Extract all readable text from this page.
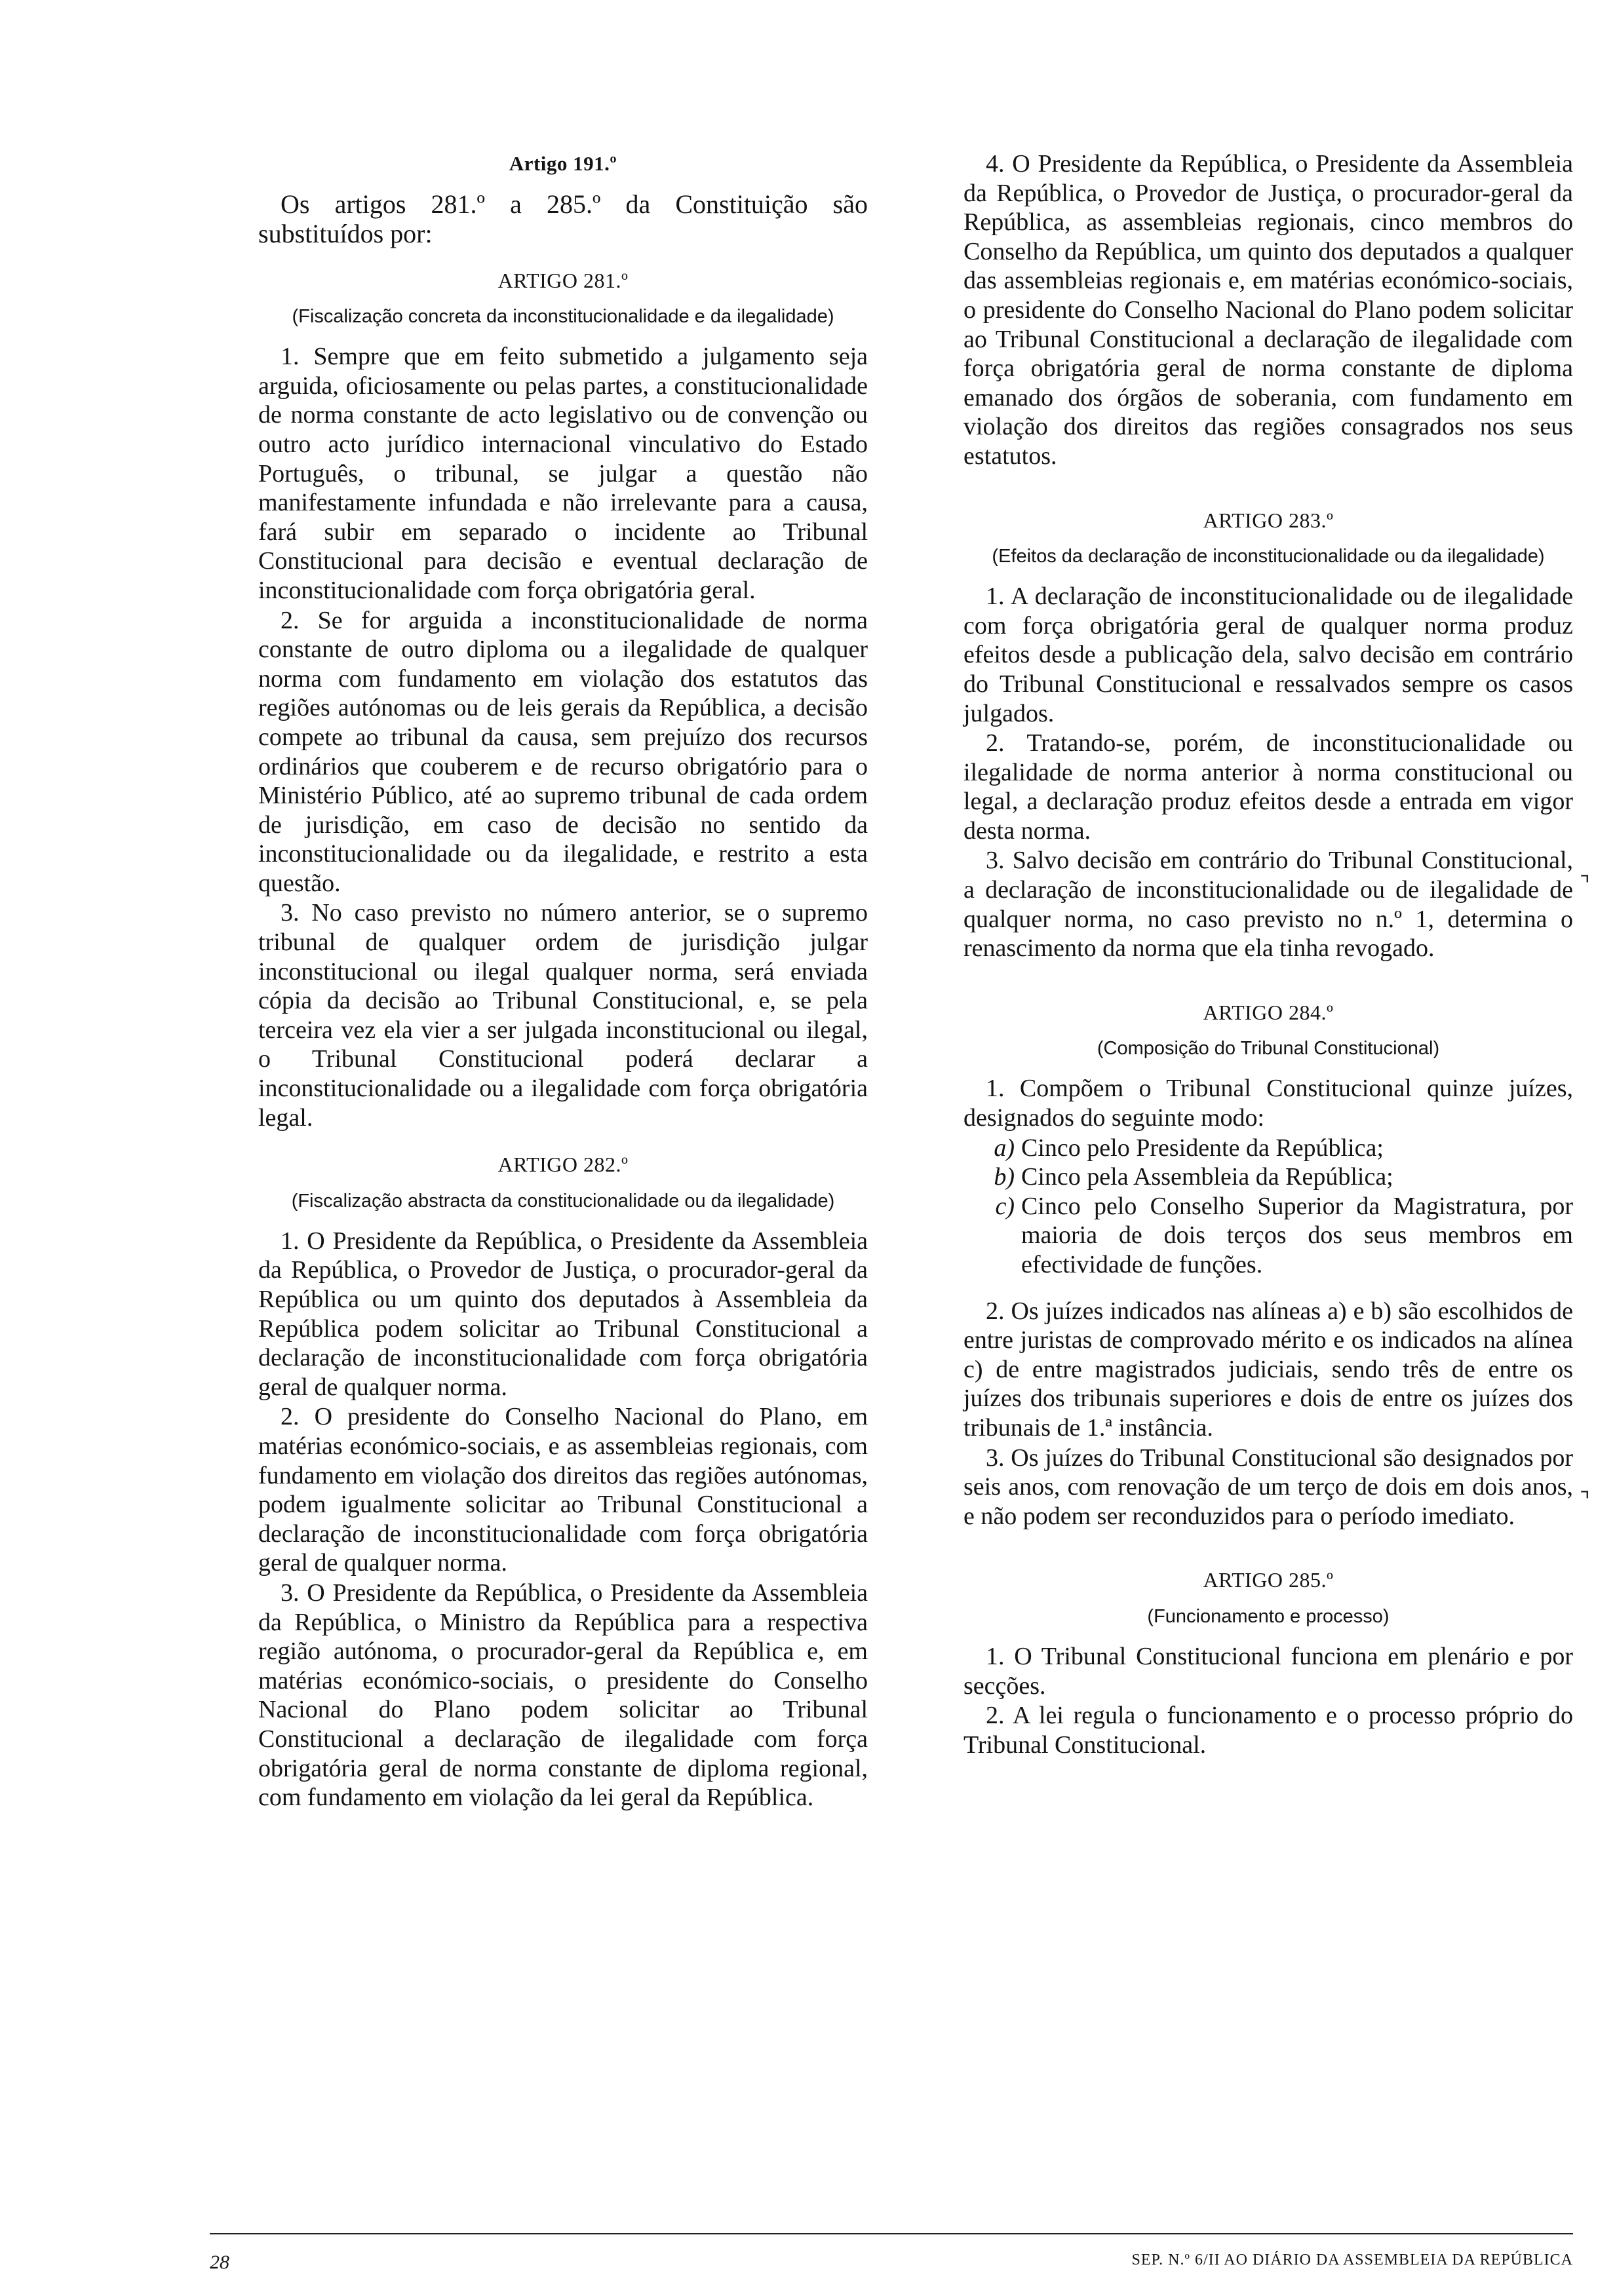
Artigo 191.º

Os artigos 281.º a 285.º da Constituição são substituídos por:

ARTIGO 281.º
(Fiscalização concreta da inconstitucionalidade e da ilegalidade)

1. Sempre que em feito submetido a julgamento seja arguida, oficiosamente ou pelas partes, a constitucionalidade de norma constante de acto legislativo ou de convenção ou outro acto jurídico internacional vinculativo do Estado Português, o tribunal, se julgar a questão não manifestamente infundada e não irrelevante para a causa, fará subir em separado o incidente ao Tribunal Constitucional para decisão e eventual declaração de inconstitucionalidade com força obrigatória geral.

2. Se for arguida a inconstitucionalidade de norma constante de outro diploma ou a ilegalidade de qualquer norma com fundamento em violação dos estatutos das regiões autónomas ou de leis gerais da República, a decisão compete ao tribunal da causa, sem prejuízo dos recursos ordinários que couberem e de recurso obrigatório para o Ministério Público, até ao supremo tribunal de cada ordem de jurisdição, em caso de decisão no sentido da inconstitucionalidade ou da ilegalidade, e restrito a esta questão.

3. No caso previsto no número anterior, se o supremo tribunal de qualquer ordem de jurisdição julgar inconstitucional ou ilegal qualquer norma, será enviada cópia da decisão ao Tribunal Constitucional, e, se pela terceira vez ela vier a ser julgada inconstitucional ou ilegal, o Tribunal Constitucional poderá declarar a inconstitucionalidade ou a ilegalidade com força obrigatória legal.

ARTIGO 282.º
(Fiscalização abstracta da constitucionalidade ou da ilegalidade)

1. O Presidente da República, o Presidente da Assembleia da República, o Provedor de Justiça, o procurador-geral da República ou um quinto dos deputados à Assembleia da República podem solicitar ao Tribunal Constitucional a declaração de inconstitucionalidade com força obrigatória geral de qualquer norma.

2. O presidente do Conselho Nacional do Plano, em matérias económico-sociais, e as assembleias regionais, com fundamento em violação dos direitos das regiões autónomas, podem igualmente solicitar ao Tribunal Constitucional a declaração de inconstitucionalidade com força obrigatória geral de qualquer norma.

3. O Presidente da República, o Presidente da Assembleia da República, o Ministro da República para a respectiva região autónoma, o procurador-geral da República e, em matérias económico-sociais, o presidente do Conselho Nacional do Plano podem solicitar ao Tribunal Constitucional a declaração de ilegalidade com força obrigatória geral de norma constante de diploma regional, com fundamento em violação da lei geral da República.

4. O Presidente da República, o Presidente da Assembleia da República, o Provedor de Justiça, o procurador-geral da República, as assembleias regionais, cinco membros do Conselho da República, um quinto dos deputados a qualquer das assembleias regionais e, em matérias económico-sociais, o presidente do Conselho Nacional do Plano podem solicitar ao Tribunal Constitucional a declaração de ilegalidade com força obrigatória geral de norma constante de diploma emanado dos órgãos de soberania, com fundamento em violação dos direitos das regiões consagrados nos seus estatutos.

ARTIGO 283.º
(Efeitos da declaração de inconstitucionalidade ou da ilegalidade)

1. A declaração de inconstitucionalidade ou de ilegalidade com força obrigatória geral de qualquer norma produz efeitos desde a publicação dela, salvo decisão em contrário do Tribunal Constitucional e ressalvados sempre os casos julgados.

2. Tratando-se, porém, de inconstitucionalidade ou ilegalidade de norma anterior à norma constitucional ou legal, a declaração produz efeitos desde a entrada em vigor desta norma.

3. Salvo decisão em contrário do Tribunal Constitucional, a declaração de inconstitucionalidade ou de ilegalidade de qualquer norma, no caso previsto no n.º 1, determina o renascimento da norma que ela tinha revogado.

ARTIGO 284.º
(Composição do Tribunal Constitucional)

1. Compõem o Tribunal Constitucional quinze juízes, designados do seguinte modo:

a) Cinco pelo Presidente da República;
b) Cinco pela Assembleia da República;
c) Cinco pelo Conselho Superior da Magistratura, por maioria de dois terços dos seus membros em efectividade de funções.

2. Os juízes indicados nas alíneas a) e b) são escolhidos de entre juristas de comprovado mérito e os indicados na alínea c) de entre magistrados judiciais, sendo três de entre os juízes dos tribunais superiores e dois de entre os juízes dos tribunais de 1.ª instância.

3. Os juízes do Tribunal Constitucional são designados por seis anos, com renovação de um terço de dois em dois anos, e não podem ser reconduzidos para o período imediato.

ARTIGO 285.º
(Funcionamento e processo)

1. O Tribunal Constitucional funciona em plenário e por secções.

2. A lei regula o funcionamento e o processo próprio do Tribunal Constitucional.

⌝
⌝
28	SEP. N.º 6/II AO DIÁRIO DA ASSEMBLEIA DA REPÚBLICA
